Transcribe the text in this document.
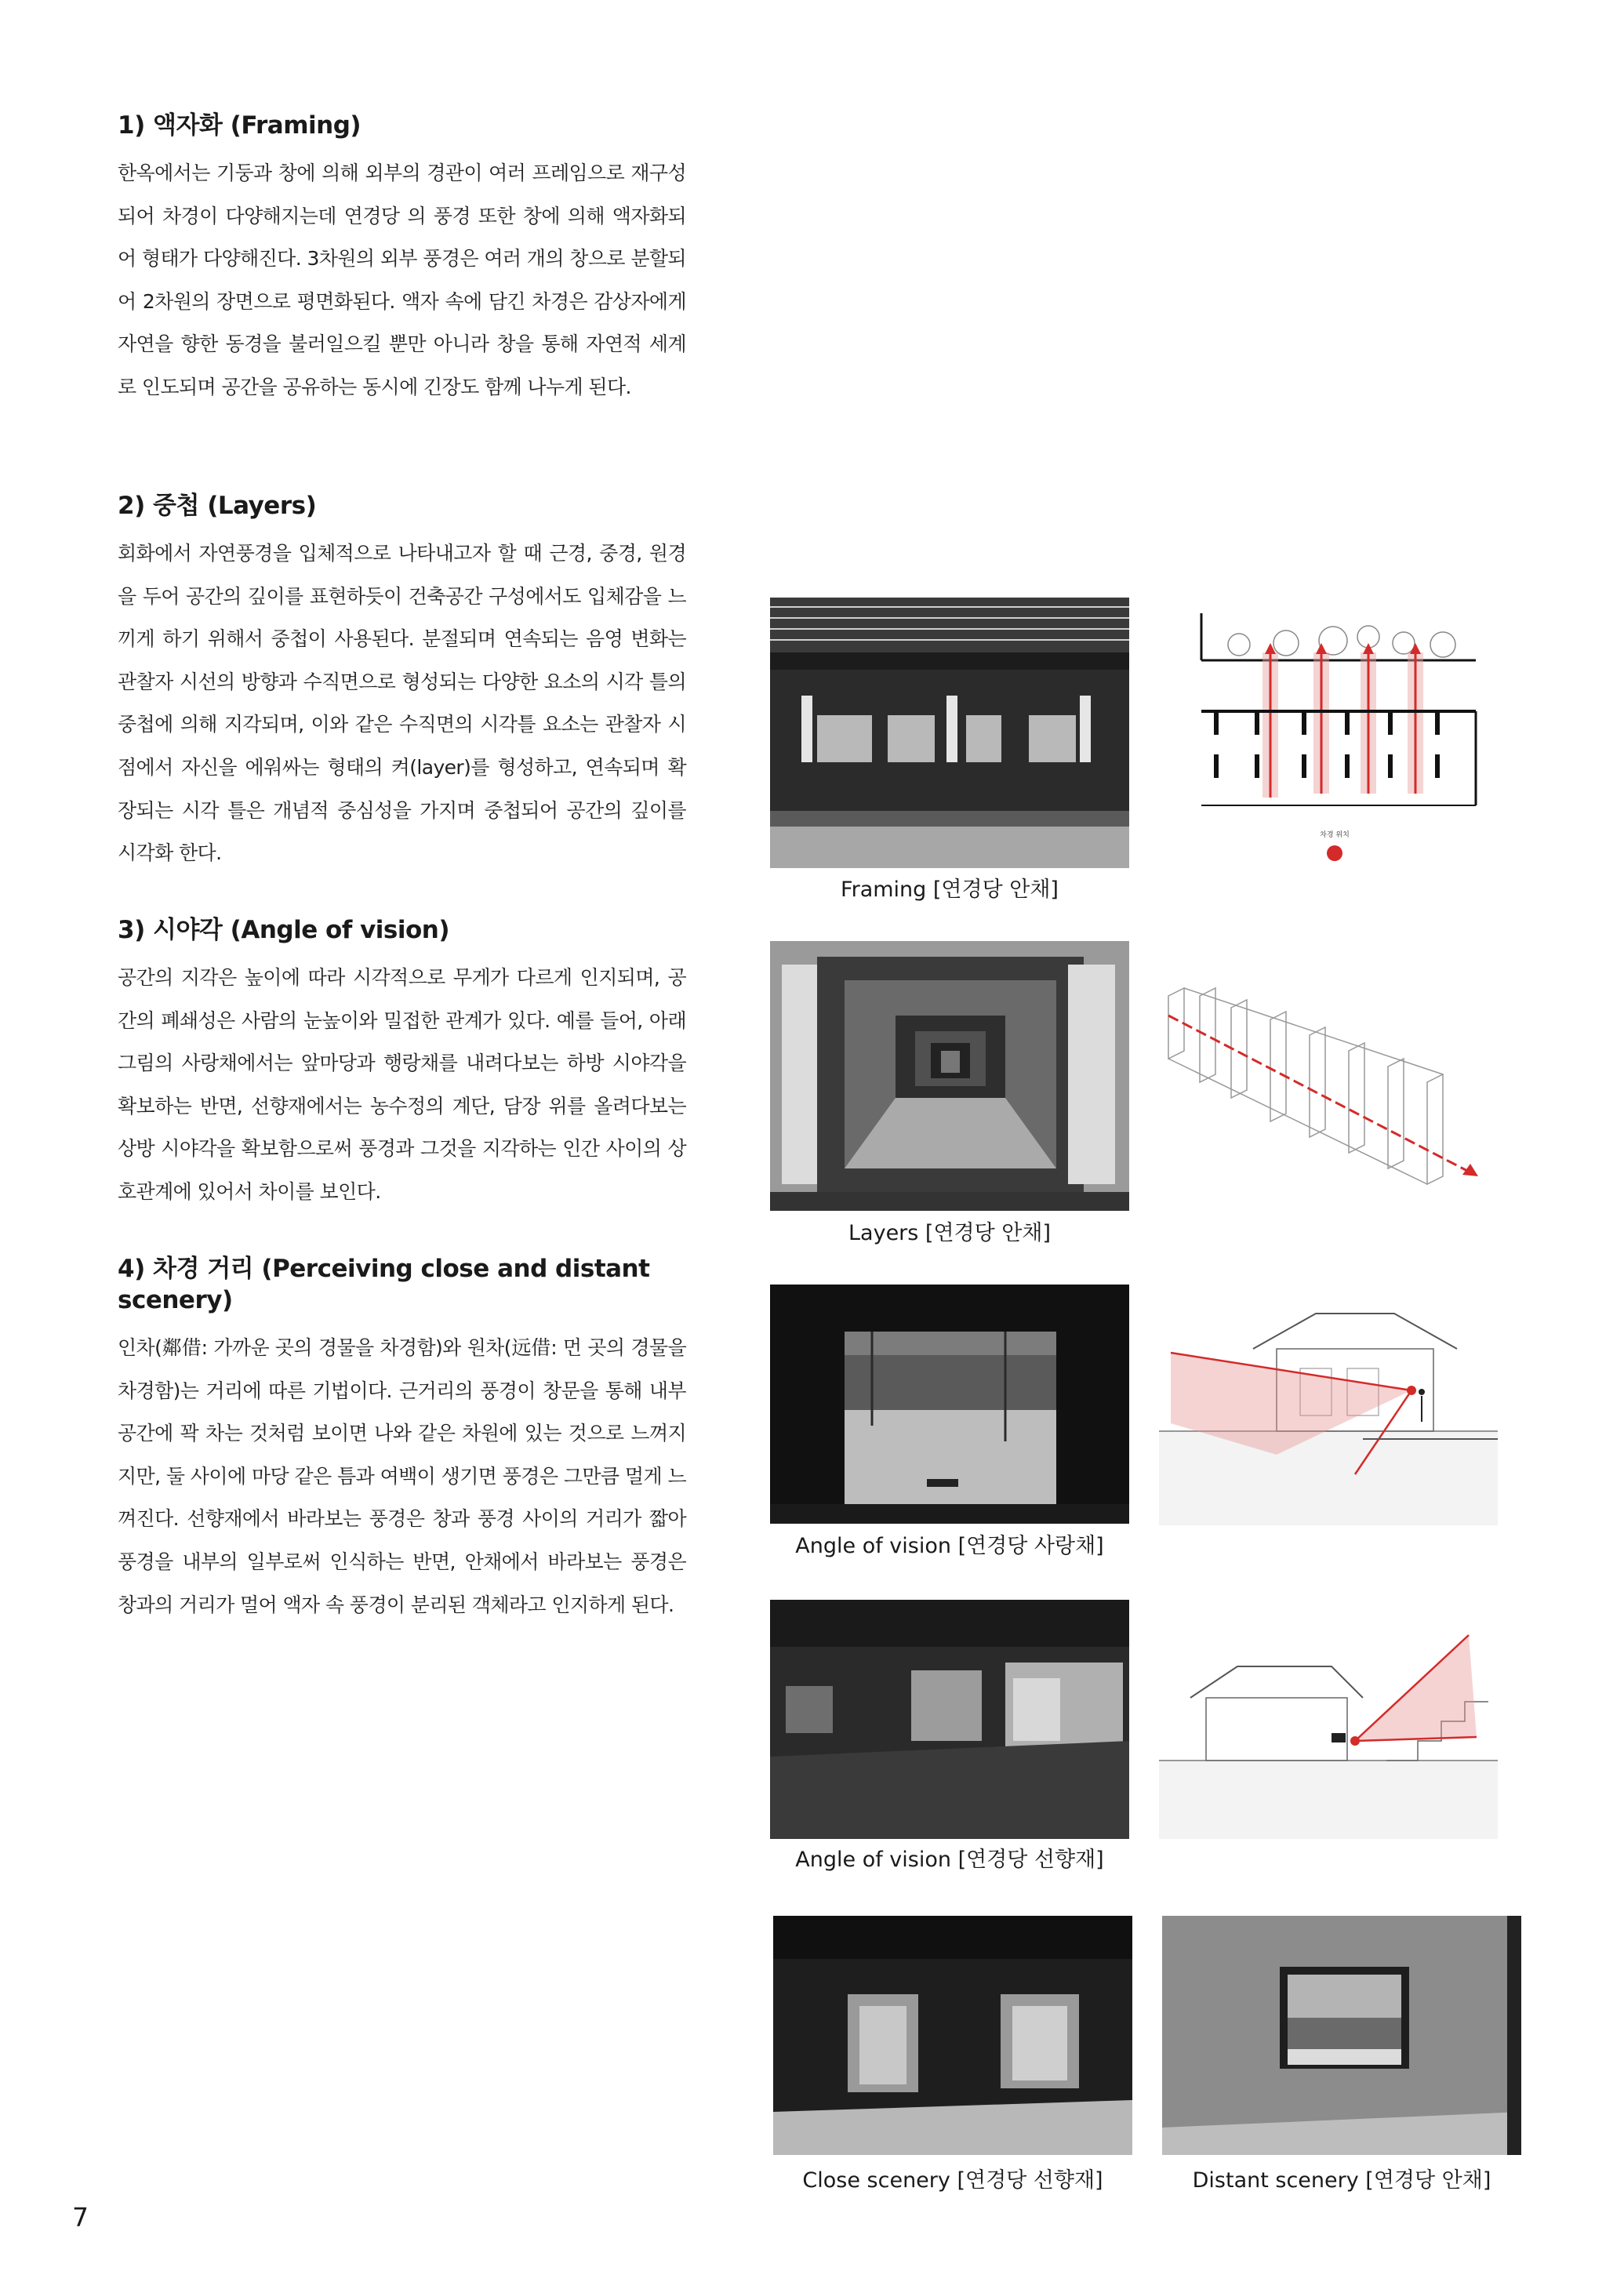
1) 액자화 (Framing)

한옥에서는 기둥과 창에 의해 외부의 경관이 여러 프레임으로 재구성되어 차경이 다양해지는데 연경당 의 풍경 또한 창에 의해 액자화되어 형태가 다양해진다. 3차원의 외부 풍경은 여러 개의 창으로 분할되어 2차원의 장면으로 평면화된다. 액자 속에 담긴 차경은 감상자에게 자연을 향한 동경을 불러일으킬 뿐만 아니라 창을 통해 자연적 세계로 인도되며 공간을 공유하는 동시에 긴장도 함께 나누게 된다.

2) 중첩 (Layers)

회화에서 자연풍경을 입체적으로 나타내고자 할 때 근경, 중경, 원경을 두어 공간의 깊이를 표현하듯이 건축공간 구성에서도 입체감을 느끼게 하기 위해서 중첩이 사용된다. 분절되며 연속되는 음영 변화는 관찰자 시선의 방향과 수직면으로 형성되는 다양한 요소의 시각 틀의 중첩에 의해 지각되며, 이와 같은 수직면의 시각틀 요소는 관찰자 시점에서 자신을 에워싸는 형태의 켜(layer)를 형성하고, 연속되며 확장되는 시각 틀은 개념적 중심성을 가지며 중첩되어 공간의 깊이를 시각화 한다.

3) 시야각 (Angle of vision)

공간의 지각은 높이에 따라 시각적으로 무게가 다르게 인지되며, 공간의 폐쇄성은 사람의 눈높이와 밀접한 관계가 있다. 예를 들어, 아래 그림의 사랑채에서는 앞마당과 행랑채를 내려다보는 하방 시야각을 확보하는 반면, 선향재에서는 농수정의 계단, 담장 위를 올려다보는 상방 시야각을 확보함으로써 풍경과 그것을 지각하는 인간 사이의 상호관계에 있어서 차이를 보인다.

4) 차경 거리 (Perceiving close and distant scenery)

인차(鄰借: 가까운 곳의 경물을 차경함)와 원차(远借: 먼 곳의 경물을 차경함)는 거리에 따른 기법이다. 근거리의 풍경이 창문을 통해 내부 공간에 꽉 차는 것처럼 보이면 나와 같은 차원에 있는 것으로 느껴지지만, 둘 사이에 마당 같은 틈과 여백이 생기면 풍경은 그만큼 멀게 느껴진다. 선향재에서 바라보는 풍경은 창과 풍경 사이의 거리가 짧아 풍경을 내부의 일부로써 인식하는 반면, 안채에서 바라보는 풍경은 창과의 거리가 멀어 액자 속 풍경이 분리된 객체라고 인지하게 된다.

Framing [연경당 안채]
차경 위치
Layers [연경당 안채]
Angle of vision [연경당 사랑채]
Angle of vision [연경당 선향재]
Close scenery [연경당 선향재]	Distant scenery [연경당 안채]
7
